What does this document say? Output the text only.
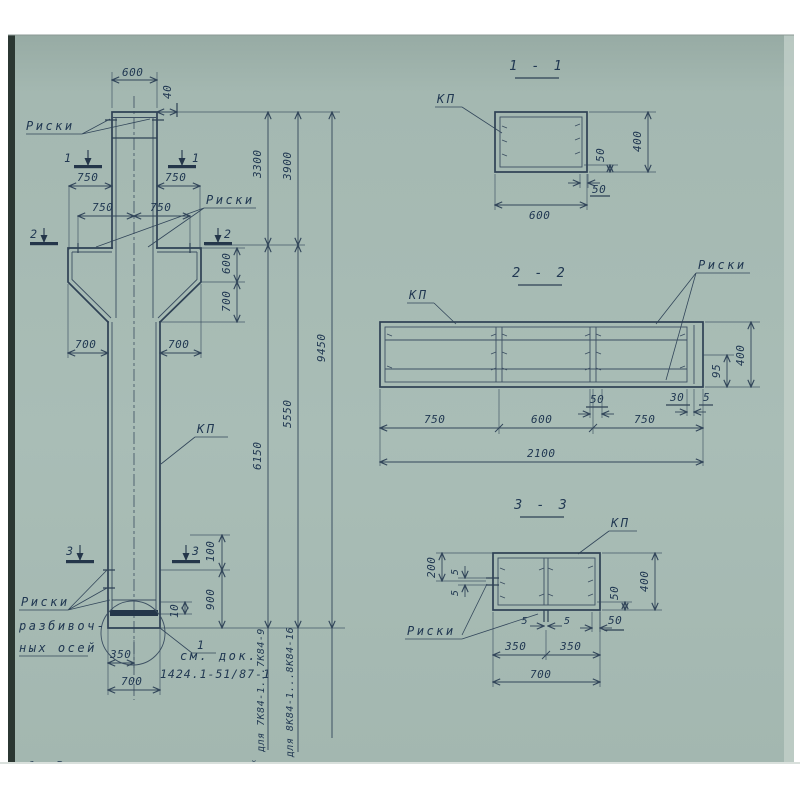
Риски
Риски
КП
Риски
разбивоч-
ных осей	1
см. док.
1424.1-51/87-1
1	1
2	2
3	3
600
40
750	750
750	750
600
700
700	700
3300 3900
9450
6150
5550
для 7К84-1...7К84-9 для 8К84-1...8К84-16
100
900
10
350
700
1 - 1
КП
400
50
50
600
2 - 2
КП
Риски
50	30 5
750	600	750
2100
95
400
3 - 3
КП
200 5
5	50
400
5	5	50
350	350
700
Риски
